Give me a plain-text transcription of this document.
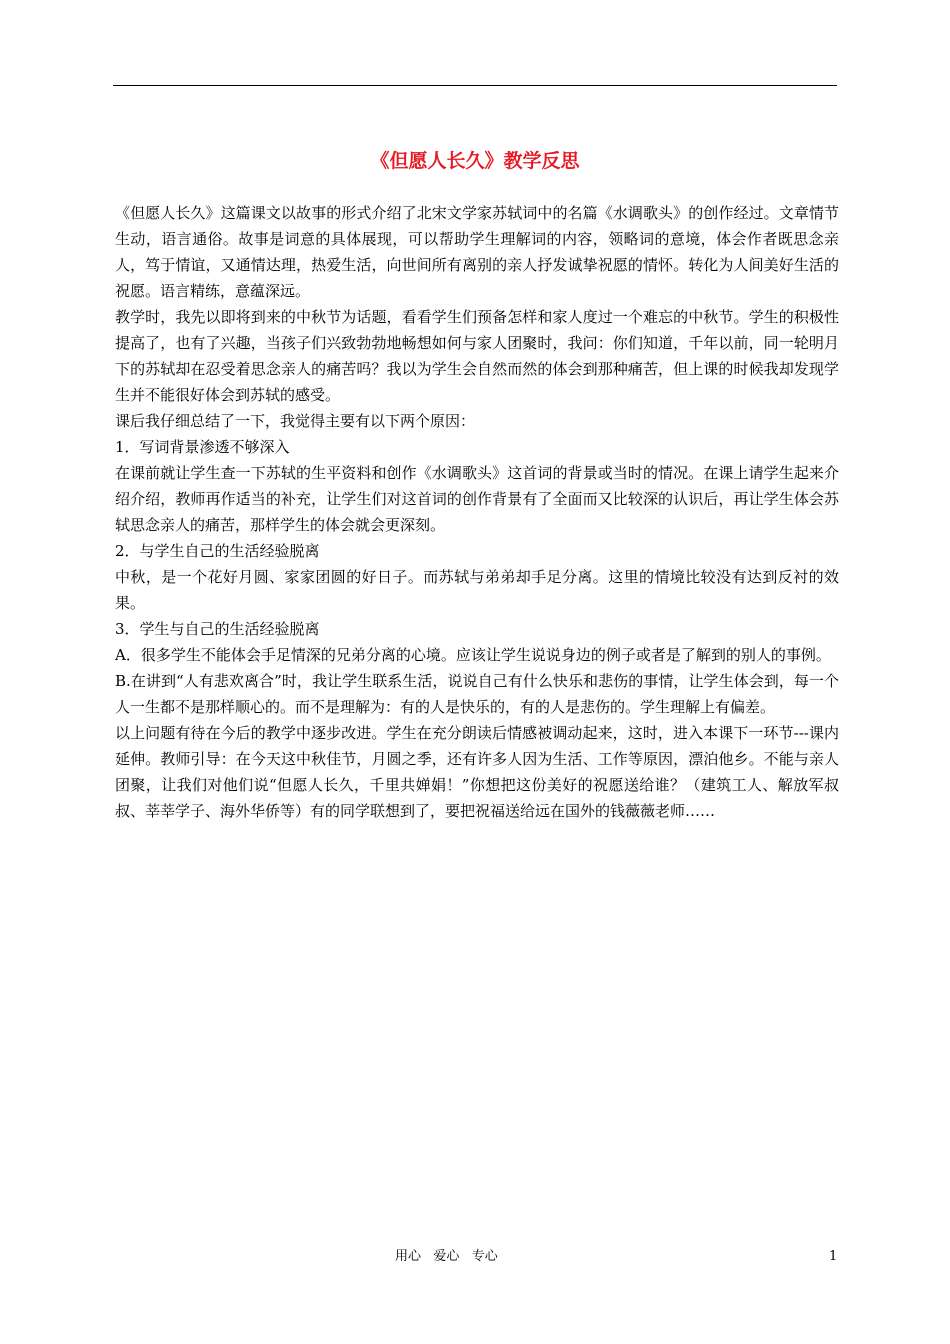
《但愿人长久》教学反思

《但愿人长久》这篇课文以故事的形式介绍了北宋文学家苏轼词中的名篇《水调歌头》的创作经过。文章情节生动，语言通俗。故事是词意的具体展现，可以帮助学生理解词的内容，领略词的意境，体会作者既思念亲人，笃于情谊，又通情达理，热爱生活，向世间所有离别的亲人抒发诚挚祝愿的情怀。转化为人间美好生活的祝愿。语言精练，意蕴深远。

教学时，我先以即将到来的中秋节为话题，看看学生们预备怎样和家人度过一个难忘的中秋节。学生的积极性提高了，也有了兴趣，当孩子们兴致勃勃地畅想如何与家人团聚时，我问：你们知道，千年以前，同一轮明月下的苏轼却在忍受着思念亲人的痛苦吗？我以为学生会自然而然的体会到那种痛苦，但上课的时候我却发现学生并不能很好体会到苏轼的感受。

课后我仔细总结了一下，我觉得主要有以下两个原因：

1．写词背景渗透不够深入

在课前就让学生查一下苏轼的生平资料和创作《水调歌头》这首词的背景或当时的情况。在课上请学生起来介绍介绍，教师再作适当的补充，让学生们对这首词的创作背景有了全面而又比较深的认识后，再让学生体会苏轼思念亲人的痛苦，那样学生的体会就会更深刻。

2．与学生自己的生活经验脱离

中秋，是一个花好月圆、家家团圆的好日子。而苏轼与弟弟却手足分离。这里的情境比较没有达到反衬的效果。

3．学生与自己的生活经验脱离

A．很多学生不能体会手足情深的兄弟分离的心境。应该让学生说说身边的例子或者是了解到的别人的事例。

B.在讲到“人有悲欢离合”时，我让学生联系生活，说说自己有什么快乐和悲伤的事情，让学生体会到，每一个人一生都不是那样顺心的。而不是理解为：有的人是快乐的，有的人是悲伤的。学生理解上有偏差。

以上问题有待在今后的教学中逐步改进。学生在充分朗读后情感被调动起来，这时，进入本课下一环节---课内延伸。教师引导：在今天这中秋佳节，月圆之季，还有许多人因为生活、工作等原因，漂泊他乡。不能与亲人团聚，让我们对他们说“但愿人长久，千里共婵娟！”你想把这份美好的祝愿送给谁？（建筑工人、解放军叔叔、莘莘学子、海外华侨等）有的同学联想到了，要把祝福送给远在国外的钱薇薇老师……

用心   爱心   专心	1
